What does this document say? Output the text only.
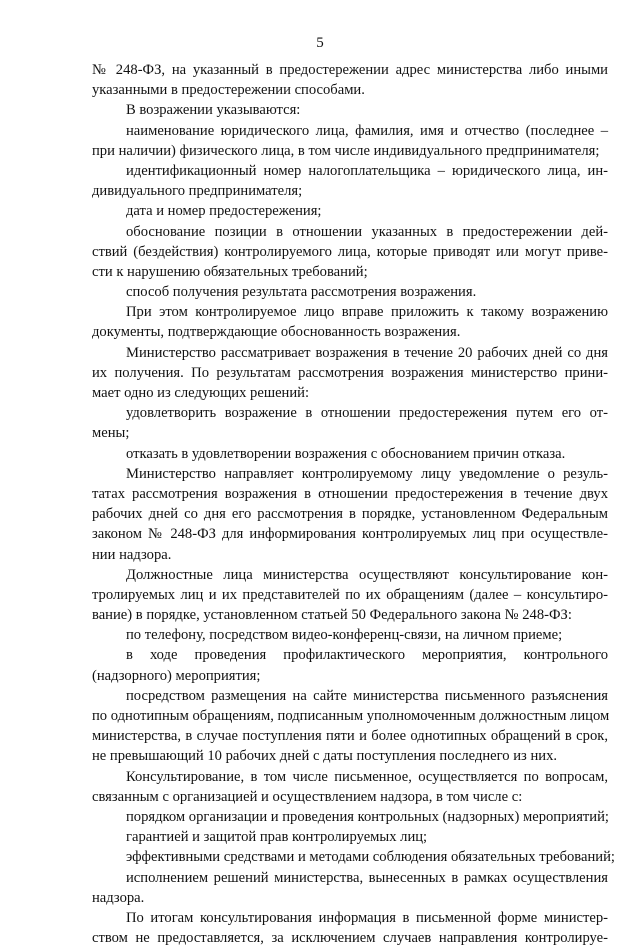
5
№ 248-ФЗ, на указанный в предостережении адрес министерства либо иными
указанными в предостережении способами.
В возражении указываются:
наименование юридического лица, фамилия, имя и отчество (последнее –
при наличии) физического лица, в том числе индивидуального предпринимателя;
идентификационный номер налогоплательщика – юридического лица, ин-
дивидуального предпринимателя;
дата и номер предостережения;
обоснование позиции в отношении указанных в предостережении дей-
ствий (бездействия) контролируемого лица, которые приводят или могут приве-
сти к нарушению обязательных требований;
способ получения результата рассмотрения возражения.
При этом контролируемое лицо вправе приложить к такому возражению
документы, подтверждающие обоснованность возражения.
Министерство рассматривает возражения в течение 20 рабочих дней со дня
их получения. По результатам рассмотрения возражения министерство прини-
мает одно из следующих решений:
удовлетворить возражение в отношении предостережения путем его от-
мены;
отказать в удовлетворении возражения с обоснованием причин отказа.
Министерство направляет контролируемому лицу уведомление о резуль-
татах рассмотрения возражения в отношении предостережения в течение двух
рабочих дней со дня его рассмотрения в порядке, установленном Федеральным
законом № 248-ФЗ для информирования контролируемых лиц при осуществле-
нии надзора.
Должностные лица министерства осуществляют консультирование кон-
тролируемых лиц и их представителей по их обращениям (далее – консультиро-
вание) в порядке, установленном статьей 50 Федерального закона № 248-ФЗ:
по телефону, посредством видео-конференц-связи, на личном приеме;
в ходе проведения профилактического мероприятия, контрольного
(надзорного) мероприятия;
посредством размещения на сайте министерства письменного разъяснения
по однотипным обращениям, подписанным уполномоченным должностным лицом
министерства, в случае поступления пяти и более однотипных обращений в срок,
не превышающий 10 рабочих дней с даты поступления последнего из них.
Консультирование, в том числе письменное, осуществляется по вопросам,
связанным с организацией и осуществлением надзора, в том числе с:
порядком организации и проведения контрольных (надзорных) мероприятий;
гарантией и защитой прав контролируемых лиц;
эффективными средствами и методами соблюдения обязательных требований;
исполнением решений министерства, вынесенных в рамках осуществления
надзора.
По итогам консультирования информация в письменной форме министер-
ством не предоставляется, за исключением случаев направления контролируе-
